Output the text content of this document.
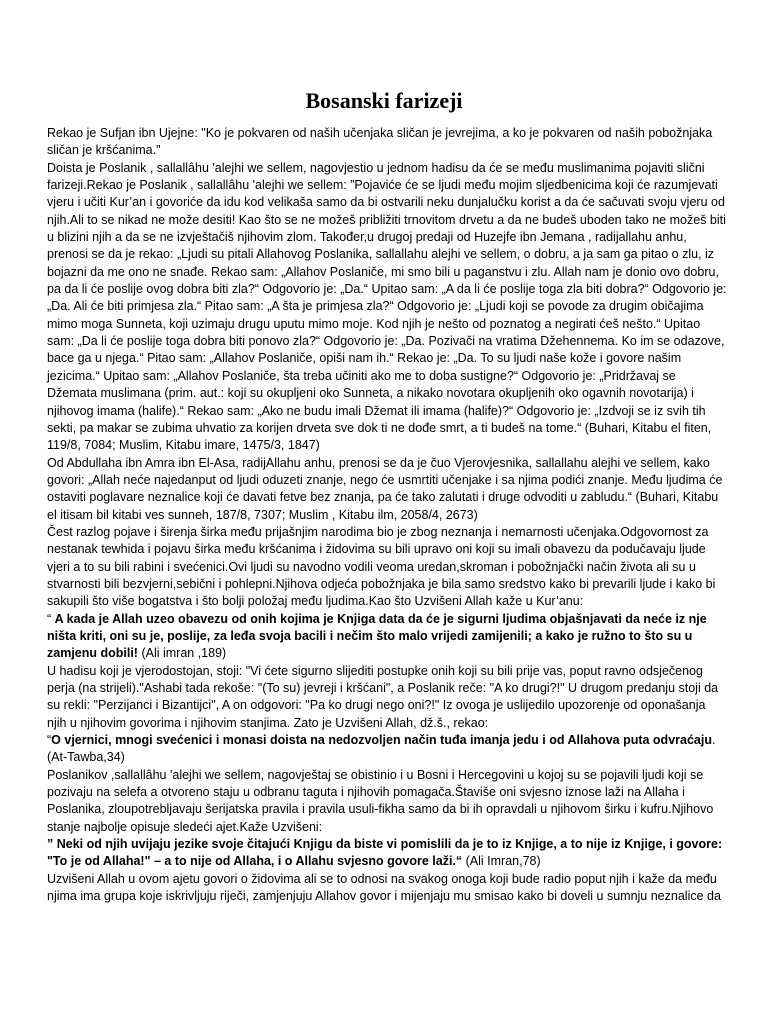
Bosanski farizeji

Rekao je Sufjan ibn Ujejne: "Ko je pokvaren od naših učenjaka sličan je jevrejima, a ko je pokvaren od naših pobožnjaka sličan je kršćanima."

Doista je Poslanik , sallallâhu 'alejhi we sellem, nagovjestio u jednom hadisu da će se među muslimanima pojaviti slični farizeji.Rekao je Poslanik , sallallâhu 'alejhi we sellem: ”Pojaviće će se ljudi među mojim sljedbenicima koji će razumjevati vjeru i učiti Kur’an i govoriće da idu kod velikaša samo da bi ostvarili neku dunjalučku korist a da će sačuvati svoju vjeru od njih.Ali to se nikad ne može desiti! Kao što se ne možeš približiti trnovitom drvetu a da ne budeš uboden tako ne možeš biti u blizini njih a da se ne izvještačiš njihovim zlom. Također,u drugoj predaji od Huzejfe ibn Jemana , radijallahu anhu, prenosi se da je rekao: „Ljudi su pitali Allahovog Poslanika, sallallahu alejhi ve sellem, o dobru, a ja sam ga pitao o zlu, iz bojazni da me ono ne snađe. Rekao sam: „Allahov Poslaniče, mi smo bili u paganstvu i zlu. Allah nam je donio ovo dobru, pa da li će poslije ovog dobra biti zla?“ Odgovorio je: „Da.“ Upitao sam: „A da li će poslije toga zla biti dobra?“ Odgovorio je: „Da. Ali će biti primjesa zla.“ Pitao sam: „A šta je primjesa zla?“ Odgovorio je: „Ljudi koji se povode za drugim običajima mimo moga Sunneta, koji uzimaju drugu uputu mimo moje. Kod njih je nešto od poznatog a negirati ćeš nešto.“ Upitao sam: „Da li će poslije toga dobra biti ponovo zla?“ Odgovorio je: „Da. Pozivači na vratima Džehennema. Ko im se odazove, bace ga u njega.“ Pitao sam: „Allahov Poslaniče, opiši nam ih.“ Rekao je: „Da. To su ljudi naše kože i govore našim jezicima.“ Upitao sam: „Allahov Poslaniče, šta treba učiniti ako me to doba sustigne?“ Odgovorio je: „Pridržavaj se Džemata muslimana (prim. aut.: koji su okupljeni oko Sunneta, a nikako novotara okupljenih oko ogavnih novotarija) i njihovog imama (halife).“ Rekao sam: „Ako ne budu imali Džemat ili imama (halife)?“ Odgovorio je: „Izdvoji se iz svih tih sekti, pa makar se zubima uhvatio za korijen drveta sve dok ti ne dođe smrt, a ti budeš na tome.“ (Buhari, Kitabu el fiten, 119/8, 7084; Muslim, Kitabu imare, 1475/3, 1847)

Od Abdullaha ibn Amra ibn El-Asa, radijAllahu anhu, prenosi se da je čuo Vjerovjesnika, sallallahu alejhi ve sellem, kako govori: „Allah neće najedanput od ljudi oduzeti znanje, nego će usmrtiti učenjake i sa njima podići znanje. Među ljudima će ostaviti poglavare neznalice koji će davati fetve bez znanja, pa će tako zalutati i druge odvoditi u zabludu.“ (Buhari, Kitabu el itisam bil kitabi ves sunneh, 187/8, 7307; Muslim , Kitabu ilm, 2058/4, 2673)

Čest razlog pojave i širenja širka među prijašnjim narodima bio je zbog neznanja i nemarnosti učenjaka.Odgovornost za nestanak tewhida i pojavu širka među kršćanima i židovima su bili upravo oni koji su imali obavezu da podučavaju ljude vjeri a to su bili rabini i svećenici.Ovi ljudi su navodno vodili veoma uredan,skroman i pobožnjački način života ali su u stvarnosti bili bezvjerni,sebični i pohlepni.Njihova odjeća pobožnjaka je bila samo sredstvo kako bi prevarili ljude i kako bi sakupili što više bogatstva i što bolji položaj među ljudima.Kao što Uzvišeni Allah kaže u Kur’anu:

“ A kada je Allah uzeo obavezu od onih kojima je Knjiga data da će je sigurni ljudima objašnjavati da neće iz nje ništa kriti, oni su je, poslije, za leđa svoja bacili i nečim što malo vrijedi zamijenili; a kako je ružno to što su u zamjenu dobili! (Ali imran ,189)

U hadisu koji je vjerodostojan, stoji: "Vi ćete sigurno slijediti postupke onih koji su bili prije vas, poput ravno odsječenog perja (na strijeli)."Ashabi tada rekoše: "(To su) jevreji i kršćani", a Poslanik reče: "A ko drugi?!" U drugom predanju stoji da su rekli: "Perzijanci i Bizantijci", A on odgovori: "Pa ko drugi nego oni?!" Iz ovoga je uslijedilo upozorenje od oponašanja njih u njihovim govorima i njihovim stanjima. Zato je Uzvišeni Allah, dž.š., rekao:

“O vjernici, mnogi svećenici i monasi doista na nedozvoljen način tuđa imanja jedu i od Allahova puta odvraćaju. (At-Tawba,34)

Poslanikov ,sallallâhu 'alejhi we sellem, nagovještaj se obistinio i u Bosni i Hercegovini u kojoj su se pojavili ljudi koji se pozivaju na selefa a otvoreno staju u odbranu taguta i njihovih pomagača.Štaviše oni svjesno iznose laži na Allaha i Poslanika, zloupotrebljavaju šerijatska pravila i pravila usuli-fikha samo da bi ih opravdali u njihovom širku i kufru.Njihovo stanje najbolje opisuje sledeći ajet.Kaže Uzvišeni:

” Neki od njih uvijaju jezike svoje čitajući Knjigu da biste vi pomislili da je to iz Knjige, a to nije iz Knjige, i govore: "To je od Allaha!" – a to nije od Allaha, i o Allahu svjesno govore laži.“ (Ali Imran,78)

Uzvišeni Allah u ovom ajetu govori o židovima ali se to odnosi na svakog onoga koji bude radio poput njih i kaže da među njima ima grupa koje iskrivljuju riječi, zamjenjuju Allahov govor i mijenjaju mu smisao kako bi doveli u sumnju neznalice da
